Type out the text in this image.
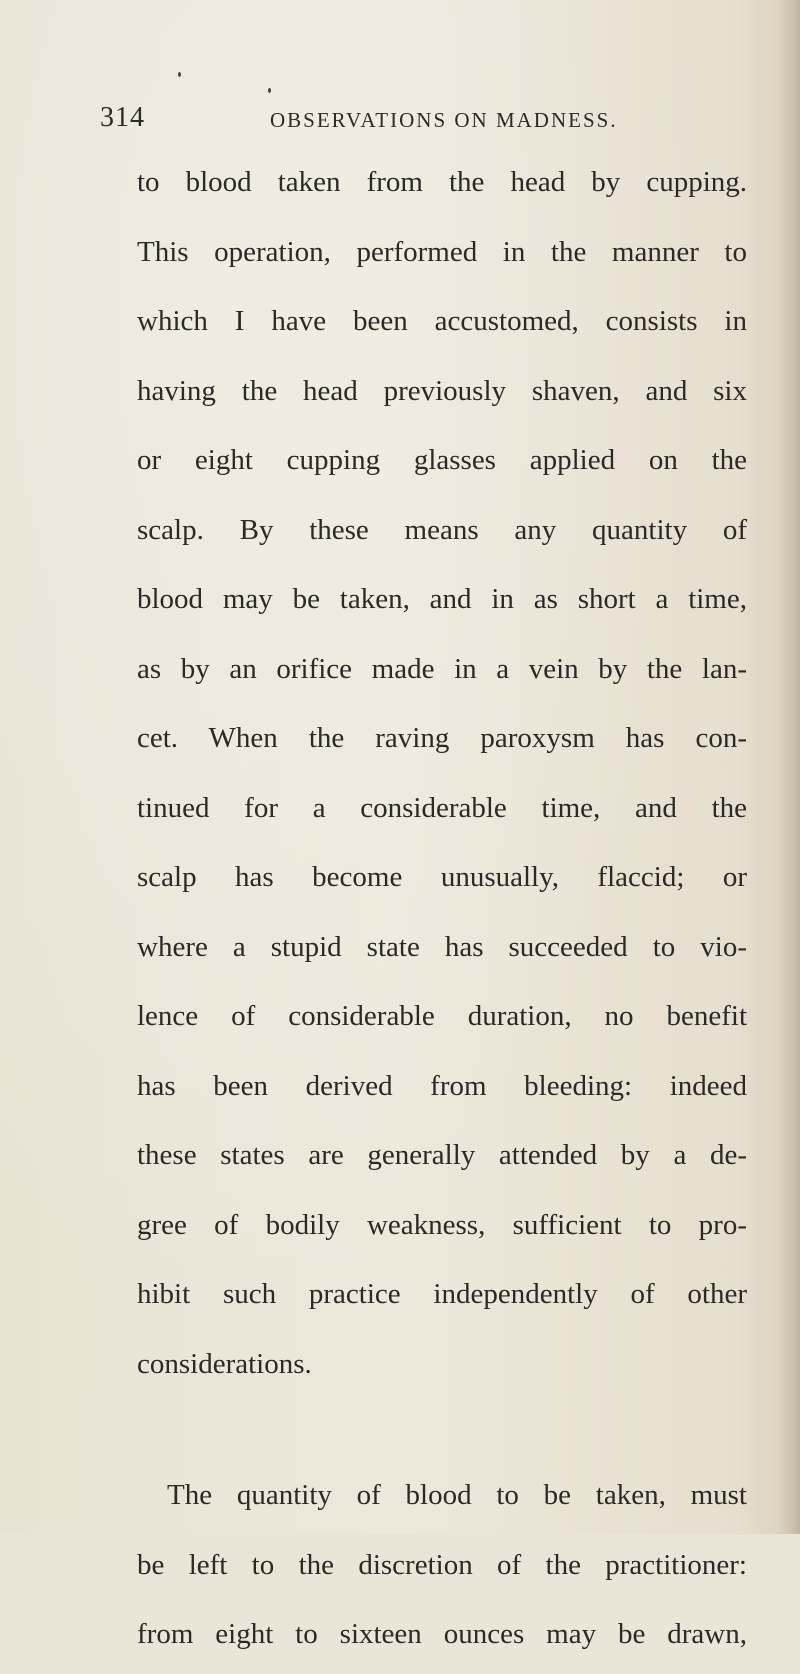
314	OBSERVATIONS ON MADNESS.
to blood taken from the head by cupping.
This operation, performed in the manner to
which I have been accustomed, consists in
having the head previously shaven, and six
or eight cupping glasses applied on the
scalp. By these means any quantity of
blood may be taken, and in as short a time,
as by an orifice made in a vein by the lan-
cet. When the raving paroxysm has con-
tinued for a considerable time, and the
scalp has become unusually, flaccid; or
where a stupid state has succeeded to vio-
lence of considerable duration, no benefit
has been derived from bleeding: indeed
these states are generally attended by a de-
gree of bodily weakness, sufficient to pro-
hibit such practice independently of other
considerations.
The quantity of blood to be taken, must
be left to the discretion of the practitioner:
from eight to sixteen ounces may be drawn,
